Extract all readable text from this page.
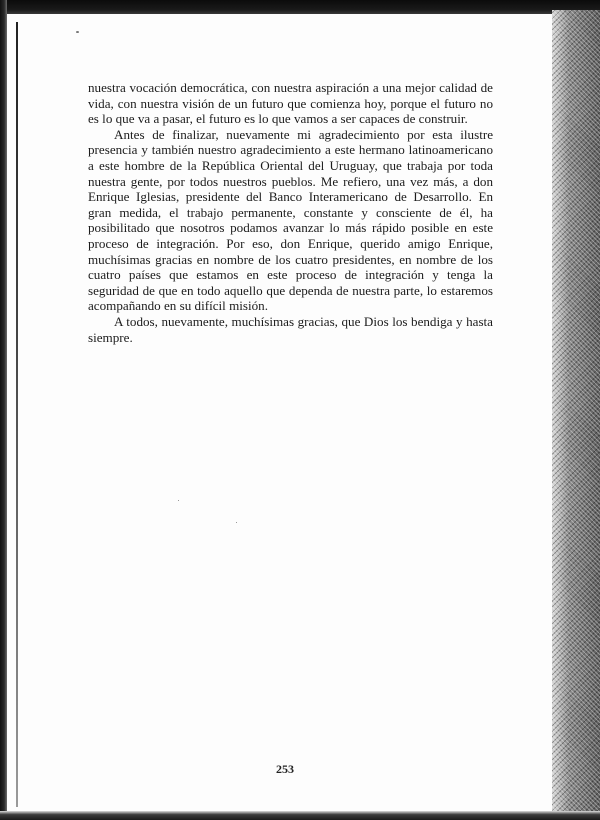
nuestra vocación democrática, con nuestra aspiración a una mejor calidad de vida, con nuestra visión de un futuro que comienza hoy, porque el futuro no es lo que va a pasar, el futuro es lo que vamos a ser capaces de construir.

Antes de finalizar, nuevamente mi agradecimiento por esta ilustre presencia y también nuestro agradecimiento a este hermano latinoamericano a este hombre de la República Oriental del Uruguay, que trabaja por toda nuestra gente, por todos nuestros pueblos. Me refiero, una vez más, a don Enrique Iglesias, presidente del Banco Interamericano de Desarrollo. En gran medida, el trabajo permanente, constante y consciente de él, ha posibilitado que nosotros podamos avanzar lo más rápido posible en este proceso de integración. Por eso, don Enrique, querido amigo Enrique, muchísimas gracias en nombre de los cuatro presidentes, en nombre de los cuatro países que estamos en este proceso de integración y tenga la seguridad de que en todo aquello que dependa de nuestra parte, lo estaremos acompañando en su difícil misión.

A todos, nuevamente, muchísimas gracias, que Dios los bendiga y hasta siempre.

253
